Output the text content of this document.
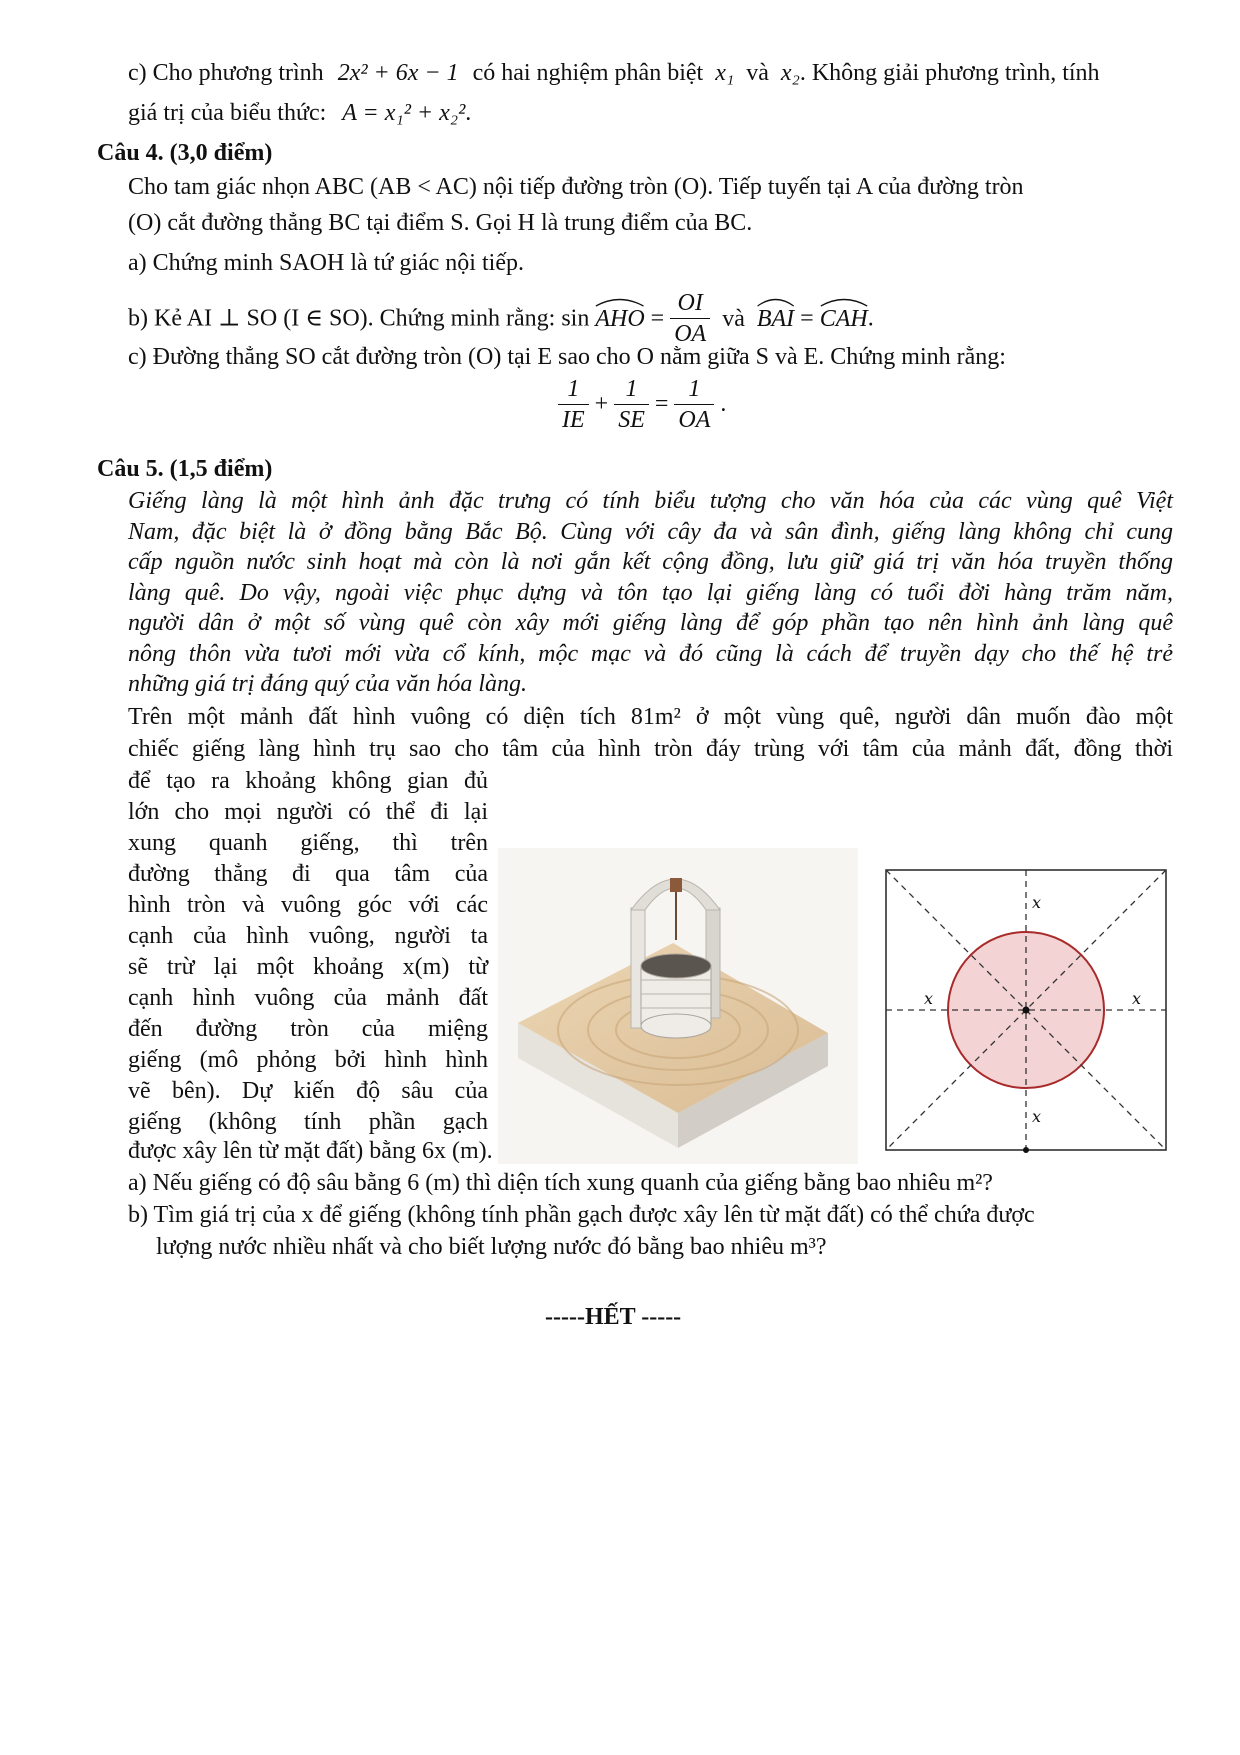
c) Cho phương trình 2x² + 6x − 1 có hai nghiệm phân biệt x₁ và x₂. Không giải phương trình, tính
giá trị của biểu thức: A = x₁² + x₂².
Câu 4. (3,0 điểm)
Cho tam giác nhọn ABC (AB < AC) nội tiếp đường tròn (O). Tiếp tuyến tại A của đường tròn
(O) cắt đường thẳng BC tại điểm S. Gọi H là trung điểm của BC.
a) Chứng minh SAOH là tứ giác nội tiếp.
b) Kẻ AI ⊥ SO (I ∈ SO). Chứng minh rằng: sin AHO = $\frac{OI}{OA}$ và BAI = CAH.
c) Đường thẳng SO cắt đường tròn (O) tại E sao cho O nằm giữa S và E. Chứng minh rằng:
$\frac{1}{IE} + \frac{1}{SE} = \frac{1}{OA}$ .
Câu 5. (1,5 điểm)
Giếng làng là một hình ảnh đặc trưng có tính biểu tượng cho văn hóa của các vùng quê Việt
Nam, đặc biệt là ở đồng bằng Bắc Bộ. Cùng với cây đa và sân đình, giếng làng không chỉ cung
cấp nguồn nước sinh hoạt mà còn là nơi gắn kết cộng đồng, lưu giữ giá trị văn hóa truyền thống
làng quê. Do vậy, ngoài việc phục dựng và tôn tạo lại giếng làng có tuổi đời hàng trăm năm,
người dân ở một số vùng quê còn xây mới giếng làng để góp phần tạo nên hình ảnh làng quê
nông thôn vừa tươi mới vừa cổ kính, mộc mạc và đó cũng là cách để truyền dạy cho thế hệ trẻ
những giá trị đáng quý của văn hóa làng.
Trên một mảnh đất hình vuông có diện tích 81m² ở một vùng quê, người dân muốn đào một
chiếc giếng làng hình trụ sao cho tâm của hình tròn đáy trùng với tâm của mảnh đất, đồng thời
để tạo ra khoảng không gian đủ
lớn cho mọi người có thể đi lại
xung quanh giếng, thì trên
đường thẳng đi qua tâm của
hình tròn và vuông góc với các
cạnh của hình vuông, người ta
sẽ trừ lại một khoảng x(m) từ
cạnh hình vuông của mảnh đất
đến đường tròn của miệng
giếng (mô phỏng bởi hình hình
vẽ bên). Dự kiến độ sâu của
giếng (không tính phần gạch
được xây lên từ mặt đất) bằng 6x (m).
x
x	x
x
a) Nếu giếng có độ sâu bằng 6 (m) thì diện tích xung quanh của giếng bằng bao nhiêu m²?
b) Tìm giá trị của x để giếng (không tính phần gạch được xây lên từ mặt đất) có thể chứa được
lượng nước nhiều nhất và cho biết lượng nước đó bằng bao nhiêu m³?
-----HẾT -----
